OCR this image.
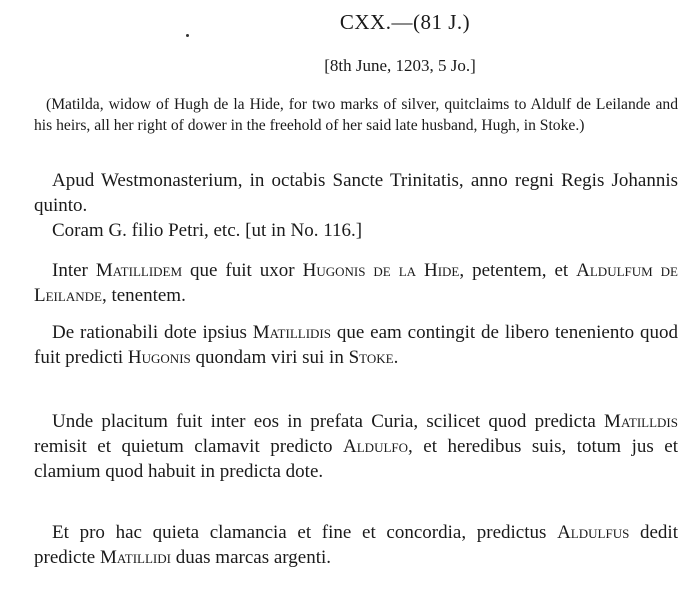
CXX.—(81 J.)
[8th June, 1203, 5 Jo.]
(Matilda, widow of Hugh de la Hide, for two marks of silver, quitclaims to Aldulf de Leilande and his heirs, all her right of dower in the freehold of her said late husband, Hugh, in Stoke.)

Apud Westmonasterium, in octabis Sancte Trinitatis, anno regni Regis Johannis quinto.

Coram G. filio Petri, etc. [ut in No. 116.]

Inter Matillidem que fuit uxor Hugonis de la Hide, petentem, et Aldulfum de Leilande, tenentem.

De rationabili dote ipsius Matillidis que eam contingit de libero teneniento quod fuit predicti Hugonis quondam viri sui in Stoke.

Unde placitum fuit inter eos in prefata Curia, scilicet quod predicta Matilldis remisit et quietum clamavit predicto Aldulfo, et heredibus suis, totum jus et clamium quod habuit in predicta dote.

Et pro hac quieta clamancia et fine et concordia, predictus Aldulfus dedit predicte Matillidi duas marcas argenti.
